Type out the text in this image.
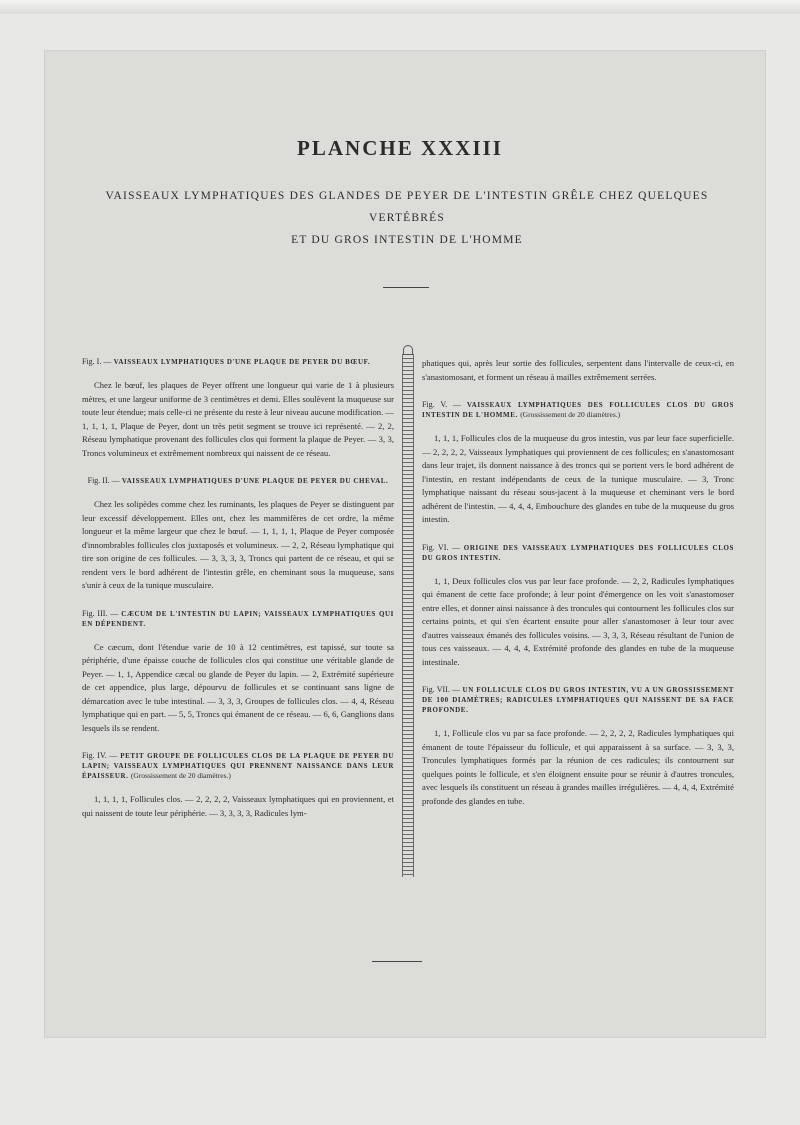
PLANCHE XXXIII
VAISSEAUX LYMPHATIQUES DES GLANDES DE PEYER DE L'INTESTIN GRÊLE CHEZ QUELQUES VERTÉBRÉS
ET DU GROS INTESTIN DE L'HOMME

Fig. I. — VAISSEAUX LYMPHATIQUES D'UNE PLAQUE DE PEYER DU BŒUF.

Chez le bœuf, les plaques de Peyer offrent une longueur qui varie de 1 à plusieurs mètres, et une largeur uniforme de 3 centimètres et demi. Elles soulèvent la muqueuse sur toute leur étendue; mais celle-ci ne présente du reste à leur niveau aucune modification. — 1, 1, 1, 1, Plaque de Peyer, dont un très petit segment se trouve ici représenté. — 2, 2, Réseau lymphatique provenant des follicules clos qui forment la plaque de Peyer. — 3, 3, Troncs volumineux et extrêmement nombreux qui naissent de ce réseau.

Fig. II. — VAISSEAUX LYMPHATIQUES D'UNE PLAQUE DE PEYER DU CHEVAL.

Chez les solipèdes comme chez les ruminants, les plaques de Peyer se distinguent par leur excessif développement. Elles ont, chez les mammifères de cet ordre, la même longueur et la même largeur que chez le bœuf. — 1, 1, 1, 1, Plaque de Peyer composée d'innombrables follicules clos juxtaposés et volumineux. — 2, 2, Réseau lymphatique qui tire son origine de ces follicules. — 3, 3, 3, 3, Troncs qui partent de ce réseau, et qui se rendent vers le bord adhérent de l'intestin grêle, en cheminant sous la muqueuse, sans s'unir à ceux de la tunique musculaire.

Fig. III. — CÆCUM DE L'INTESTIN DU LAPIN; VAISSEAUX LYMPHATIQUES QUI EN DÉPENDENT.

Ce cæcum, dont l'étendue varie de 10 à 12 centimètres, est tapissé, sur toute sa périphérie, d'une épaisse couche de follicules clos qui constitue une véritable glande de Peyer. — 1, 1, Appendice cæcal ou glande de Peyer du lapin. — 2, Extrémité supérieure de cet appendice, plus large, dépourvu de follicules et se continuant sans ligne de démarcation avec le tube intestinal. — 3, 3, 3, Groupes de follicules clos. — 4, 4, Réseau lymphatique qui en part. — 5, 5, Troncs qui émanent de ce réseau. — 6, 6, Ganglions dans lesquels ils se rendent.

Fig. IV. — PETIT GROUPE DE FOLLICULES CLOS DE LA PLAQUE DE PEYER DU LAPIN; VAISSEAUX LYMPHATIQUES QUI PRENNENT NAISSANCE DANS LEUR ÉPAISSEUR. (Grossissement de 20 diamètres.)

1, 1, 1, 1, Follicules clos. — 2, 2, 2, 2, Vaisseaux lymphatiques qui en proviennent, et qui naissent de toute leur périphérie. — 3, 3, 3, 3, Radicules lym-

phatiques qui, après leur sortie des follicules, serpentent dans l'intervalle de ceux-ci, en s'anastomosant, et forment un réseau à mailles extrêmement serrées.

Fig. V. — VAISSEAUX LYMPHATIQUES DES FOLLICULES CLOS DU GROS INTESTIN DE L'HOMME. (Grossissement de 20 diamètres.)

1, 1, 1, Follicules clos de la muqueuse du gros intestin, vus par leur face superficielle. — 2, 2, 2, 2, Vaisseaux lymphatiques qui proviennent de ces follicules; en s'anastomosant dans leur trajet, ils donnent naissance à des troncs qui se portent vers le bord adhérent de l'intestin, en restant indépendants de ceux de la tunique musculaire. — 3, Tronc lymphatique naissant du réseau sous-jacent à la muqueuse et cheminant vers le bord adhérent de l'intestin. — 4, 4, 4, Embouchure des glandes en tube de la muqueuse du gros intestin.

Fig. VI. — ORIGINE DES VAISSEAUX LYMPHATIQUES DES FOLLICULES CLOS DU GROS INTESTIN.

1, 1, Deux follicules clos vus par leur face profonde. — 2, 2, Radicules lymphatiques qui émanent de cette face profonde; à leur point d'émergence on les voit s'anastomoser entre elles, et donner ainsi naissance à des troncules qui contournent les follicules clos sur certains points, et qui s'en écartent ensuite pour aller s'anastomoser à leur tour avec d'autres vaisseaux émanés des follicules voisins. — 3, 3, 3, Réseau résultant de l'union de tous ces vaisseaux. — 4, 4, 4, Extrémité profonde des glandes en tube de la muqueuse intestinale.

Fig. VII. — UN FOLLICULE CLOS DU GROS INTESTIN, VU A UN GROSSISSEMENT DE 100 DIAMÈTRES; RADICULES LYMPHATIQUES QUI NAISSENT DE SA FACE PROFONDE.

1, 1, Follicule clos vu par sa face profonde. — 2, 2, 2, 2, Radicules lymphatiques qui émanent de toute l'épaisseur du follicule, et qui apparaissent à sa surface. — 3, 3, 3, Troncules lymphatiques formés par la réunion de ces radicules; ils contournent sur quelques points le follicule, et s'en éloignent ensuite pour se réunir à d'autres troncules, avec lesquels ils constituent un réseau à grandes mailles irrégulières. — 4, 4, 4, Extrémité profonde des glandes en tube.
